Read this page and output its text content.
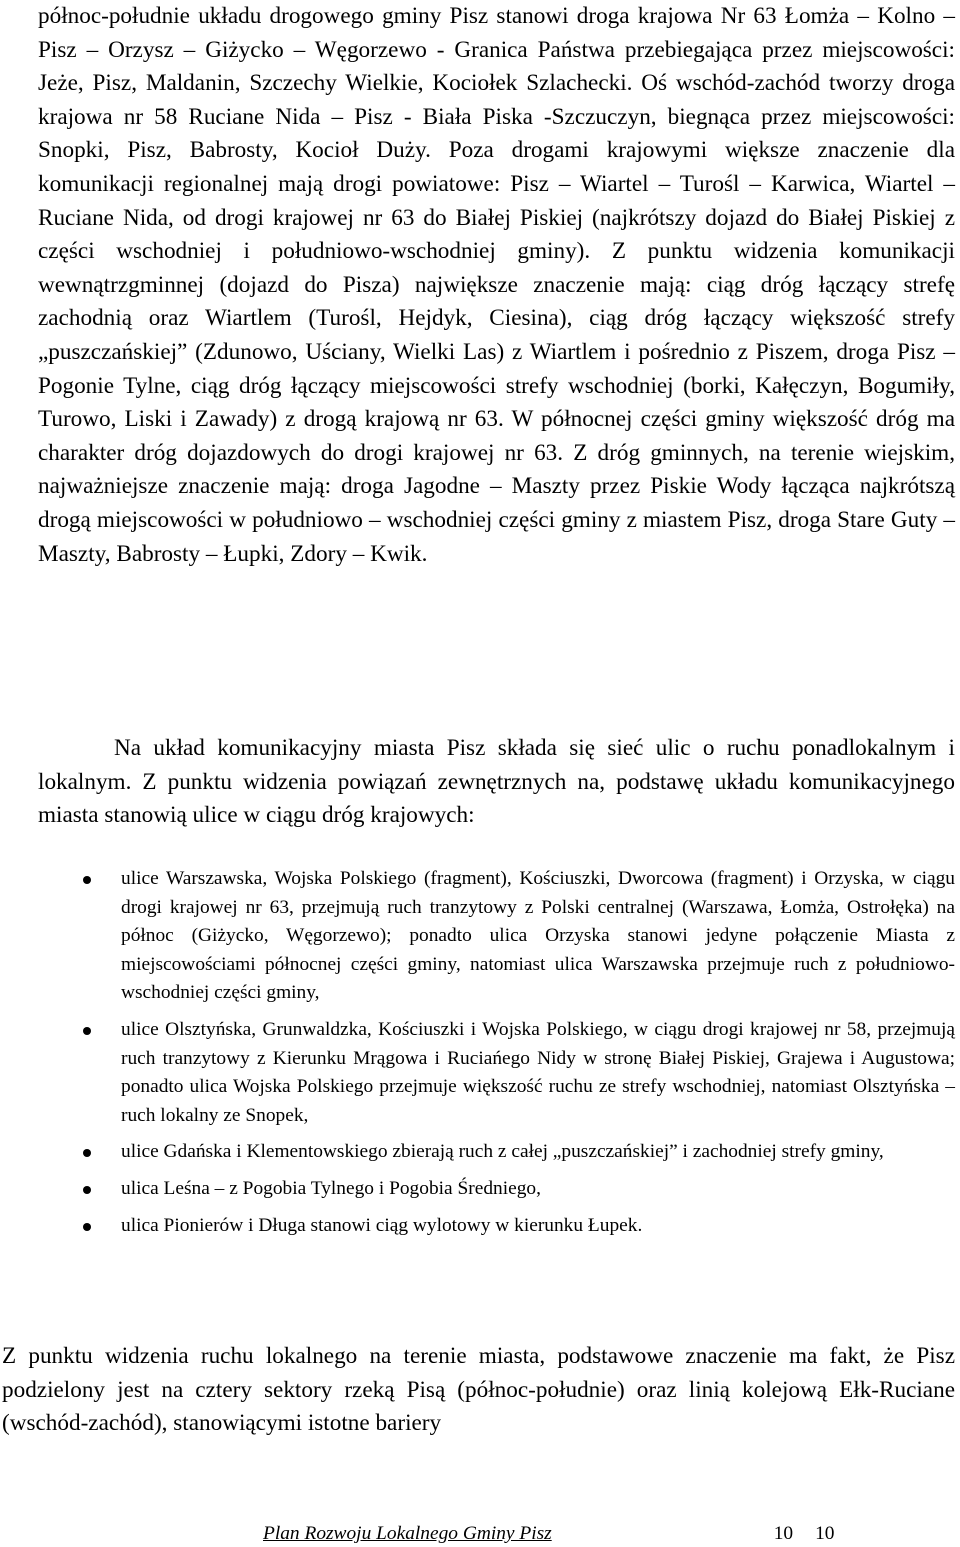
północ-południe układu drogowego gminy Pisz stanowi droga krajowa Nr 63 Łomża – Kolno – Pisz – Orzysz – Giżycko – Węgorzewo - Granica Państwa przebiegająca przez miejscowości: Jeże, Pisz, Maldanin, Szczechy Wielkie, Kociołek Szlachecki. Oś wschód-zachód tworzy droga krajowa nr 58 Ruciane Nida – Pisz - Biała Piska -Szczuczyn, biegnąca przez miejscowości: Snopki, Pisz, Babrosty, Kocioł Duży. Poza drogami krajowymi większe znaczenie dla komunikacji regionalnej mają drogi powiatowe: Pisz – Wiartel – Turośl – Karwica, Wiartel – Ruciane Nida, od drogi krajowej nr 63 do Białej Piskiej (najkrótszy dojazd do Białej Piskiej z części wschodniej i południowo-wschodniej gminy). Z punktu widzenia komunikacji wewnątrzgminnej (dojazd do Pisza) największe znaczenie mają: ciąg dróg łączący strefę zachodnią oraz Wiartlem (Turośl, Hejdyk, Ciesina), ciąg dróg łączący większość strefy „puszczańskiej” (Zdunowo, Uściany, Wielki Las) z Wiartlem i pośrednio z Piszem, droga Pisz – Pogonie Tylne, ciąg dróg łączący miejscowości strefy wschodniej (borki, Kałęczyn, Bogumiły, Turowo, Liski i Zawady) z drogą krajową nr 63. W północnej części gminy większość dróg ma charakter dróg dojazdowych do drogi krajowej nr 63. Z dróg gminnych, na terenie wiejskim, najważniejsze znaczenie mają: droga Jagodne – Maszty przez Piskie Wody łącząca najkrótszą drogą miejscowości w południowo – wschodniej części gminy z miastem Pisz, droga Stare Guty – Maszty, Babrosty – Łupki, Zdory – Kwik.

Na układ komunikacyjny miasta Pisz składa się sieć ulic o ruchu ponadlokalnym i lokalnym. Z punktu widzenia powiązań zewnętrznych na, podstawę układu komunikacyjnego miasta stanowią ulice w ciągu dróg krajowych:

ulice Warszawska, Wojska Polskiego (fragment), Kościuszki, Dworcowa (fragment) i Orzyska, w ciągu drogi krajowej nr 63, przejmują ruch tranzytowy z Polski centralnej (Warszawa, Łomża, Ostrołęka) na północ (Giżycko, Węgorzewo); ponadto ulica Orzyska stanowi jedyne połączenie Miasta z miejscowościami północnej części gminy, natomiast ulica Warszawska przejmuje ruch z południowo-wschodniej części gminy,
ulice Olsztyńska, Grunwaldzka, Kościuszki i Wojska Polskiego, w ciągu drogi krajowej nr 58, przejmują ruch tranzytowy z Kierunku Mrągowa i Ruciańego Nidy w stronę Białej Piskiej, Grajewa i Augustowa; ponadto ulica Wojska Polskiego przejmuje większość ruchu ze strefy wschodniej, natomiast Olsztyńska – ruch lokalny ze Snopek,
ulice Gdańska i Klementowskiego zbierają ruch z całej „puszczańskiej” i zachodniej strefy gminy,
ulica Leśna – z Pogobia Tylnego i Pogobia Średniego,
ulica Pionierów i Długa stanowi ciąg wylotowy w kierunku Łupek.

Z punktu widzenia ruchu lokalnego na terenie miasta, podstawowe znaczenie ma fakt, że Pisz podzielony jest na cztery sektory rzeką Pisą (północ-południe) oraz linią kolejową Ełk-Ruciane (wschód-zachód), stanowiącymi istotne bariery

Plan Rozwoju Lokalnego Gminy Pisz	10 10
